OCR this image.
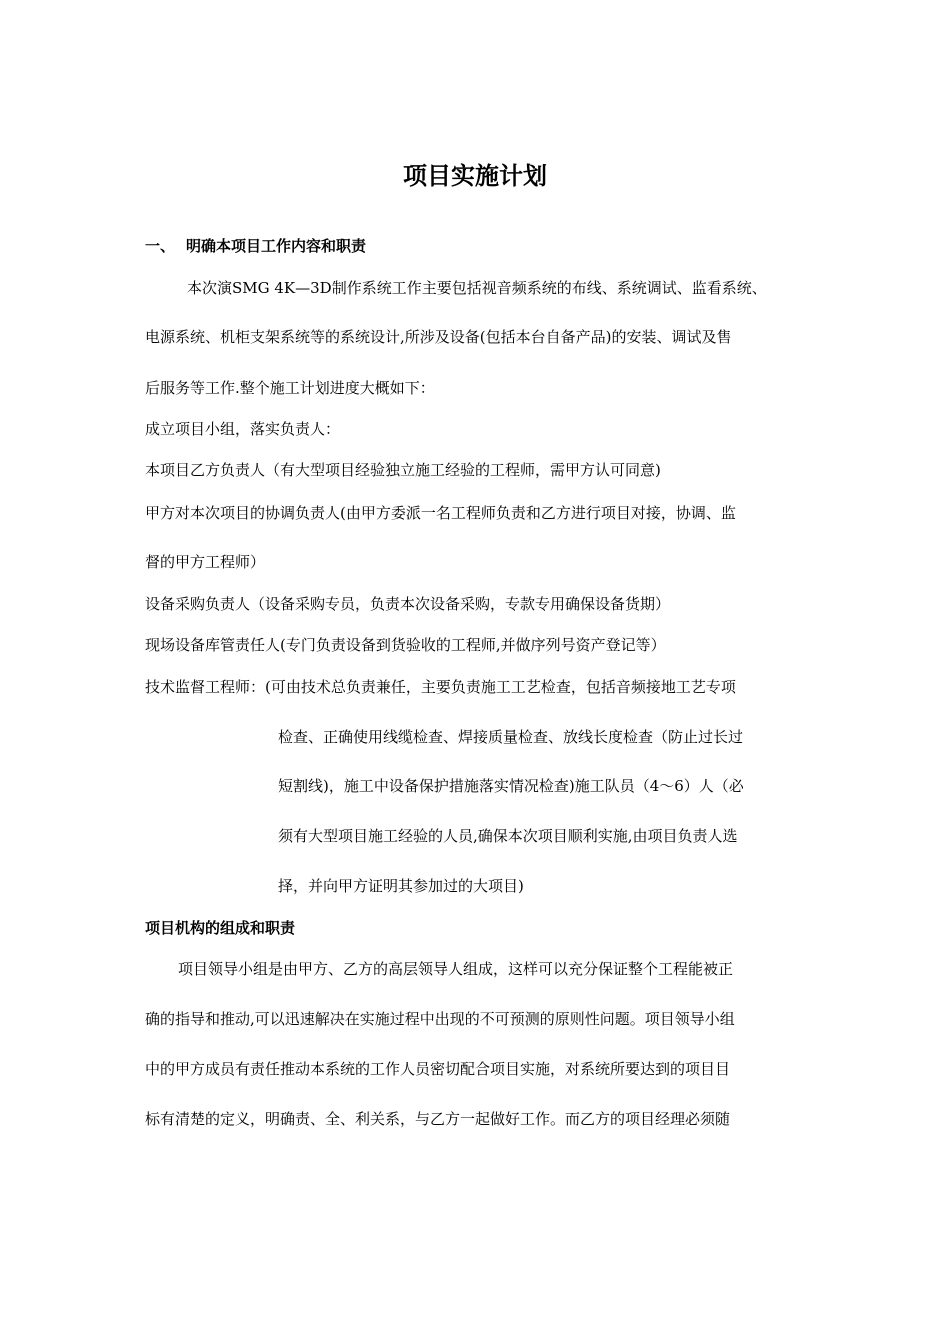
项目实施计划
一、 明确本项目工作内容和职责
本次演SMG 4K—3D制作系统工作主要包括视音频系统的布线、系统调试、监看系统、
电源系统、机柜支架系统等的系统设计,所涉及设备(包括本台自备产品)的安装、调试及售
后服务等工作.整个施工计划进度大概如下：
成立项目小组，落实负责人：
本项目乙方负责人（有大型项目经验独立施工经验的工程师，需甲方认可同意)
甲方对本次项目的协调负责人(由甲方委派一名工程师负责和乙方进行项目对接，协调、监
督的甲方工程师）
设备采购负责人（设备采购专员，负责本次设备采购，专款专用确保设备货期）
现场设备库管责任人(专门负责设备到货验收的工程师,并做序列号资产登记等）
技术监督工程师：(可由技术总负责兼任，主要负责施工工艺检查，包括音频接地工艺专项
检查、正确使用线缆检查、焊接质量检查、放线长度检查（防止过长过
短割线)，施工中设备保护措施落实情况检查)施工队员（4～6）人（必
须有大型项目施工经验的人员,确保本次项目顺利实施,由项目负责人选
择，并向甲方证明其参加过的大项目)
项目机构的组成和职责
项目领导小组是由甲方、乙方的高层领导人组成，这样可以充分保证整个工程能被正
确的指导和推动,可以迅速解决在实施过程中出现的不可预测的原则性问题。项目领导小组
中的甲方成员有责任推动本系统的工作人员密切配合项目实施，对系统所要达到的项目目
标有清楚的定义，明确责、全、利关系，与乙方一起做好工作。而乙方的项目经理必须随
